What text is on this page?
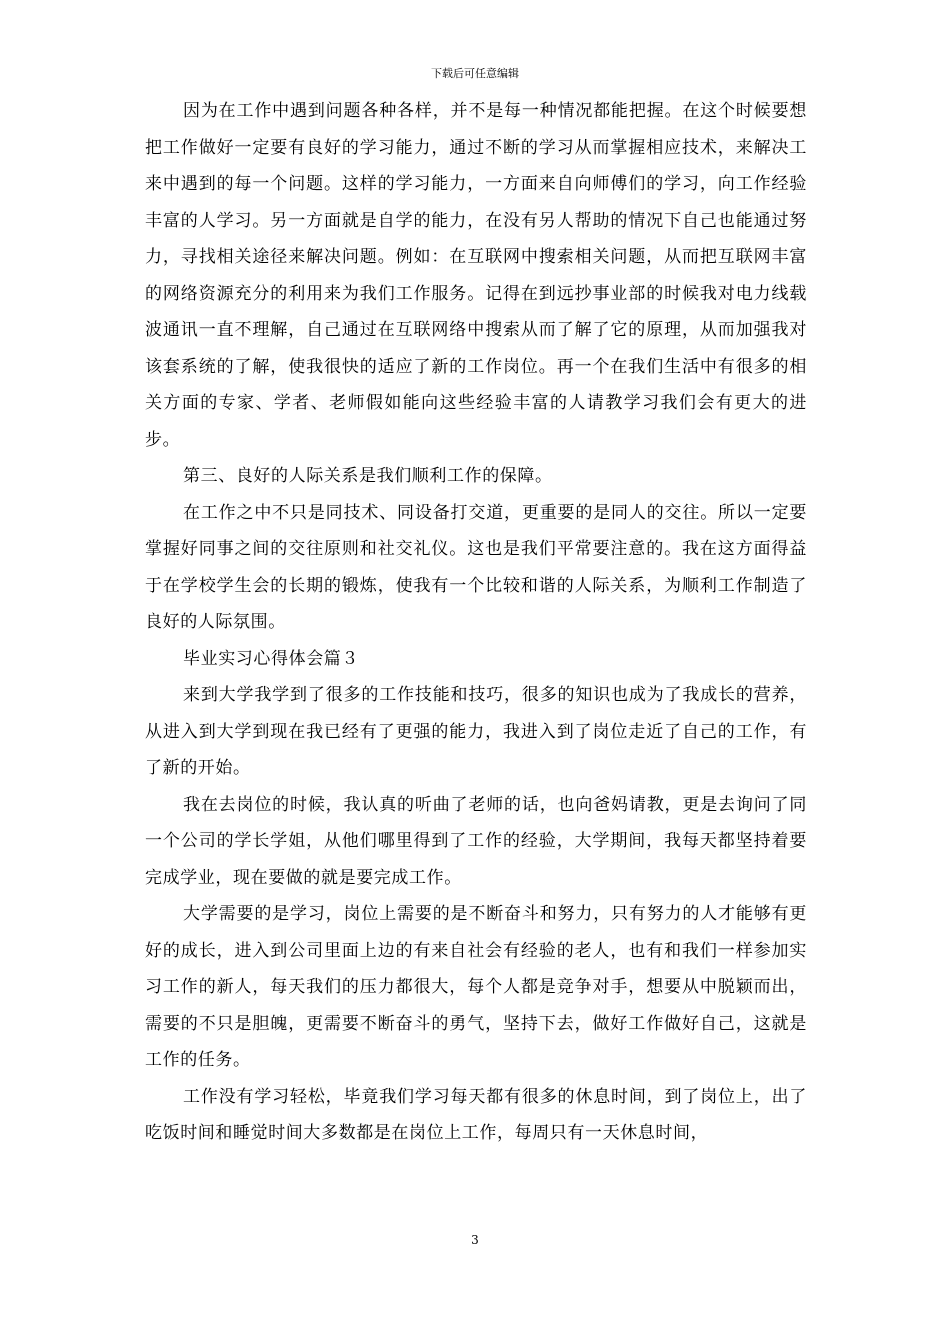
下载后可任意编辑

因为在工作中遇到问题各种各样，并不是每一种情况都能把握。在这个时候要想把工作做好一定要有良好的学习能力，通过不断的学习从而掌握相应技术，来解决工来中遇到的每一个问题。这样的学习能力，一方面来自向师傅们的学习，向工作经验丰富的人学习。另一方面就是自学的能力，在没有另人帮助的情况下自己也能通过努力，寻找相关途径来解决问题。例如：在互联网中搜索相关问题，从而把互联网丰富的网络资源充分的利用来为我们工作服务。记得在到远抄事业部的时候我对电力线载波通讯一直不理解，自己通过在互联网络中搜索从而了解了它的原理，从而加强我对该套系统的了解，使我很快的适应了新的工作岗位。再一个在我们生活中有很多的相关方面的专家、学者、老师假如能向这些经验丰富的人请教学习我们会有更大的进步。

第三、良好的人际关系是我们顺利工作的保障。

在工作之中不只是同技术、同设备打交道，更重要的是同人的交往。所以一定要掌握好同事之间的交往原则和社交礼仪。这也是我们平常要注意的。我在这方面得益于在学校学生会的长期的锻炼，使我有一个比较和谐的人际关系，为顺利工作制造了良好的人际氛围。

毕业实习心得体会篇３

来到大学我学到了很多的工作技能和技巧，很多的知识也成为了我成长的营养，从进入到大学到现在我已经有了更强的能力，我进入到了岗位走近了自己的工作，有了新的开始。

我在去岗位的时候，我认真的听曲了老师的话，也向爸妈请教，更是去询问了同一个公司的学长学姐，从他们哪里得到了工作的经验，大学期间，我每天都坚持着要完成学业，现在要做的就是要完成工作。

大学需要的是学习，岗位上需要的是不断奋斗和努力，只有努力的人才能够有更好的成长，进入到公司里面上边的有来自社会有经验的老人，也有和我们一样参加实习工作的新人，每天我们的压力都很大，每个人都是竞争对手，想要从中脱颖而出，需要的不只是胆魄，更需要不断奋斗的勇气，坚持下去，做好工作做好自己，这就是工作的任务。

工作没有学习轻松，毕竟我们学习每天都有很多的休息时间，到了岗位上，出了吃饭时间和睡觉时间大多数都是在岗位上工作，每周只有一天休息时间，

3
